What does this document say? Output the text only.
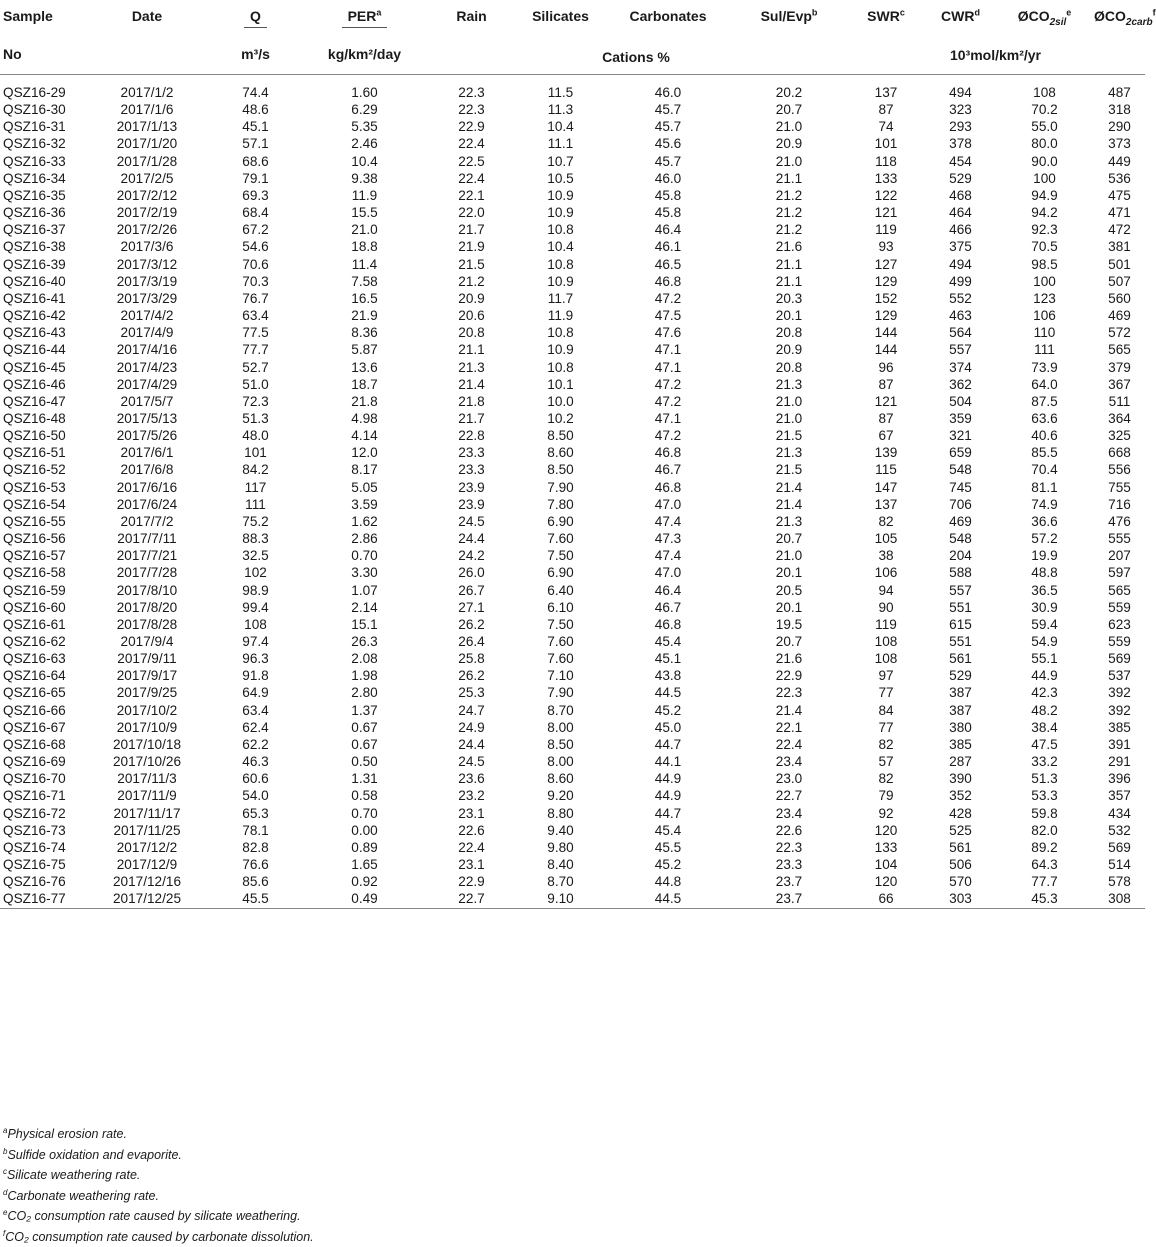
Sample	Date	Q	PER$^a$	Rain	Silicates	Carbonates	Sul/Evp$^b$	SWR$^c$	CWR$^d$	$ØCO_{2sil}^e$	$ØCO_{2carb}^f$
No		m³/s	kg/km²/day	Cations %				10³mol/km²/yr			

QSZ16-29	2017/1/2	74.4	1.60	22.3	11.5	46.0	20.2	137	494	108	487
QSZ16-30	2017/1/6	48.6	6.29	22.3	11.3	45.7	20.7	87	323	70.2	318
QSZ16-31	2017/1/13	45.1	5.35	22.9	10.4	45.7	21.0	74	293	55.0	290
QSZ16-32	2017/1/20	57.1	2.46	22.4	11.1	45.6	20.9	101	378	80.0	373
QSZ16-33	2017/1/28	68.6	10.4	22.5	10.7	45.7	21.0	118	454	90.0	449
QSZ16-34	2017/2/5	79.1	9.38	22.4	10.5	46.0	21.1	133	529	100	536
QSZ16-35	2017/2/12	69.3	11.9	22.1	10.9	45.8	21.2	122	468	94.9	475
QSZ16-36	2017/2/19	68.4	15.5	22.0	10.9	45.8	21.2	121	464	94.2	471
QSZ16-37	2017/2/26	67.2	21.0	21.7	10.8	46.4	21.2	119	466	92.3	472
QSZ16-38	2017/3/6	54.6	18.8	21.9	10.4	46.1	21.6	93	375	70.5	381
QSZ16-39	2017/3/12	70.6	11.4	21.5	10.8	46.5	21.1	127	494	98.5	501
QSZ16-40	2017/3/19	70.3	7.58	21.2	10.9	46.8	21.1	129	499	100	507
QSZ16-41	2017/3/29	76.7	16.5	20.9	11.7	47.2	20.3	152	552	123	560
QSZ16-42	2017/4/2	63.4	21.9	20.6	11.9	47.5	20.1	129	463	106	469
QSZ16-43	2017/4/9	77.5	8.36	20.8	10.8	47.6	20.8	144	564	110	572
QSZ16-44	2017/4/16	77.7	5.87	21.1	10.9	47.1	20.9	144	557	111	565
QSZ16-45	2017/4/23	52.7	13.6	21.3	10.8	47.1	20.8	96	374	73.9	379
QSZ16-46	2017/4/29	51.0	18.7	21.4	10.1	47.2	21.3	87	362	64.0	367
QSZ16-47	2017/5/7	72.3	21.8	21.8	10.0	47.2	21.0	121	504	87.5	511
QSZ16-48	2017/5/13	51.3	4.98	21.7	10.2	47.1	21.0	87	359	63.6	364
QSZ16-50	2017/5/26	48.0	4.14	22.8	8.50	47.2	21.5	67	321	40.6	325
QSZ16-51	2017/6/1	101	12.0	23.3	8.60	46.8	21.3	139	659	85.5	668
QSZ16-52	2017/6/8	84.2	8.17	23.3	8.50	46.7	21.5	115	548	70.4	556
QSZ16-53	2017/6/16	117	5.05	23.9	7.90	46.8	21.4	147	745	81.1	755
QSZ16-54	2017/6/24	111	3.59	23.9	7.80	47.0	21.4	137	706	74.9	716
QSZ16-55	2017/7/2	75.2	1.62	24.5	6.90	47.4	21.3	82	469	36.6	476
QSZ16-56	2017/7/11	88.3	2.86	24.4	7.60	47.3	20.7	105	548	57.2	555
QSZ16-57	2017/7/21	32.5	0.70	24.2	7.50	47.4	21.0	38	204	19.9	207
QSZ16-58	2017/7/28	102	3.30	26.0	6.90	47.0	20.1	106	588	48.8	597
QSZ16-59	2017/8/10	98.9	1.07	26.7	6.40	46.4	20.5	94	557	36.5	565
QSZ16-60	2017/8/20	99.4	2.14	27.1	6.10	46.7	20.1	90	551	30.9	559
QSZ16-61	2017/8/28	108	15.1	26.2	7.50	46.8	19.5	119	615	59.4	623
QSZ16-62	2017/9/4	97.4	26.3	26.4	7.60	45.4	20.7	108	551	54.9	559
QSZ16-63	2017/9/11	96.3	2.08	25.8	7.60	45.1	21.6	108	561	55.1	569
QSZ16-64	2017/9/17	91.8	1.98	26.2	7.10	43.8	22.9	97	529	44.9	537
QSZ16-65	2017/9/25	64.9	2.80	25.3	7.90	44.5	22.3	77	387	42.3	392
QSZ16-66	2017/10/2	63.4	1.37	24.7	8.70	45.2	21.4	84	387	48.2	392
QSZ16-67	2017/10/9	62.4	0.67	24.9	8.00	45.0	22.1	77	380	38.4	385
QSZ16-68	2017/10/18	62.2	0.67	24.4	8.50	44.7	22.4	82	385	47.5	391
QSZ16-69	2017/10/26	46.3	0.50	24.5	8.00	44.1	23.4	57	287	33.2	291
QSZ16-70	2017/11/3	60.6	1.31	23.6	8.60	44.9	23.0	82	390	51.3	396
QSZ16-71	2017/11/9	54.0	0.58	23.2	9.20	44.9	22.7	79	352	53.3	357
QSZ16-72	2017/11/17	65.3	0.70	23.1	8.80	44.7	23.4	92	428	59.8	434
QSZ16-73	2017/11/25	78.1	0.00	22.6	9.40	45.4	22.6	120	525	82.0	532
QSZ16-74	2017/12/2	82.8	0.89	22.4	9.80	45.5	22.3	133	561	89.2	569
QSZ16-75	2017/12/9	76.6	1.65	23.1	8.40	45.2	23.3	104	506	64.3	514
QSZ16-76	2017/12/16	85.6	0.92	22.9	8.70	44.8	23.7	120	570	77.7	578
QSZ16-77	2017/12/25	45.5	0.49	22.7	9.10	44.5	23.7	66	303	45.3	308
$^a$Physical erosion rate.
$^b$Sulfide oxidation and evaporite.
$^c$Silicate weathering rate.
$^d$Carbonate weathering rate.
$^e$CO₂ consumption rate caused by silicate weathering.
$^f$CO₂ consumption rate caused by carbonate dissolution.
